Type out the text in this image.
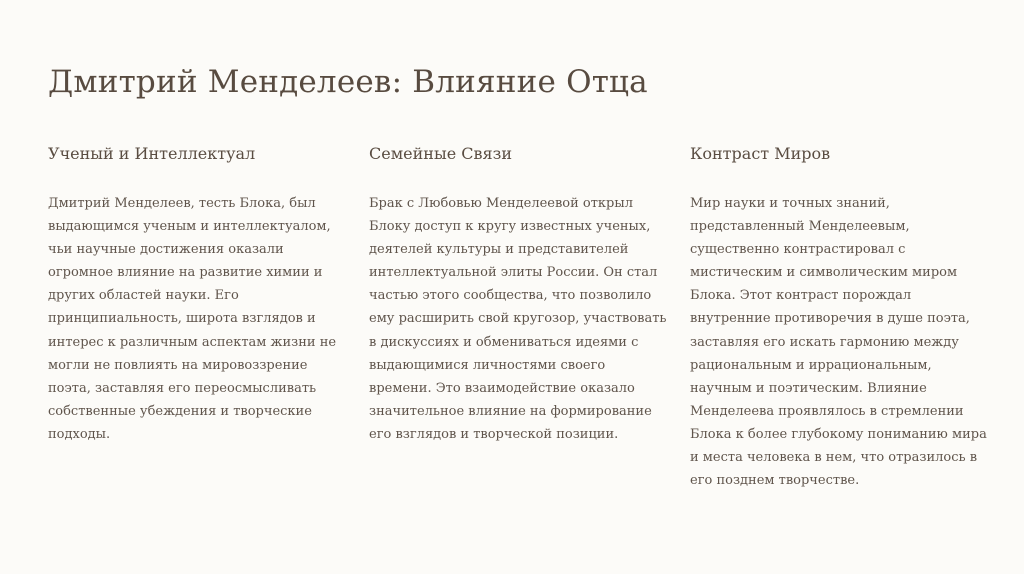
Дмитрий Менделеев: Влияние Отца
Ученый и Интеллектуал
Дмитрий Менделеев, тесть Блока, был
выдающимся ученым и интеллектуалом,
чьи научные достижения оказали
огромное влияние на развитие химии и
других областей науки. Его
принципиальность, широта взглядов и
интерес к различным аспектам жизни не
могли не повлиять на мировоззрение
поэта, заставляя его переосмысливать
собственные убеждения и творческие
подходы.
Семейные Связи
Брак с Любовью Менделеевой открыл
Блоку доступ к кругу известных ученых,
деятелей культуры и представителей
интеллектуальной элиты России. Он стал
частью этого сообщества, что позволило
ему расширить свой кругозор, участвовать
в дискуссиях и обмениваться идеями с
выдающимися личностями своего
времени. Это взаимодействие оказало
значительное влияние на формирование
его взглядов и творческой позиции.
Контраст Миров
Мир науки и точных знаний,
представленный Менделеевым,
существенно контрастировал с
мистическим и символическим миром
Блока. Этот контраст порождал
внутренние противоречия в душе поэта,
заставляя его искать гармонию между
рациональным и иррациональным,
научным и поэтическим. Влияние
Менделеева проявлялось в стремлении
Блока к более глубокому пониманию мира
и места человека в нем, что отразилось в
его позднем творчестве.
